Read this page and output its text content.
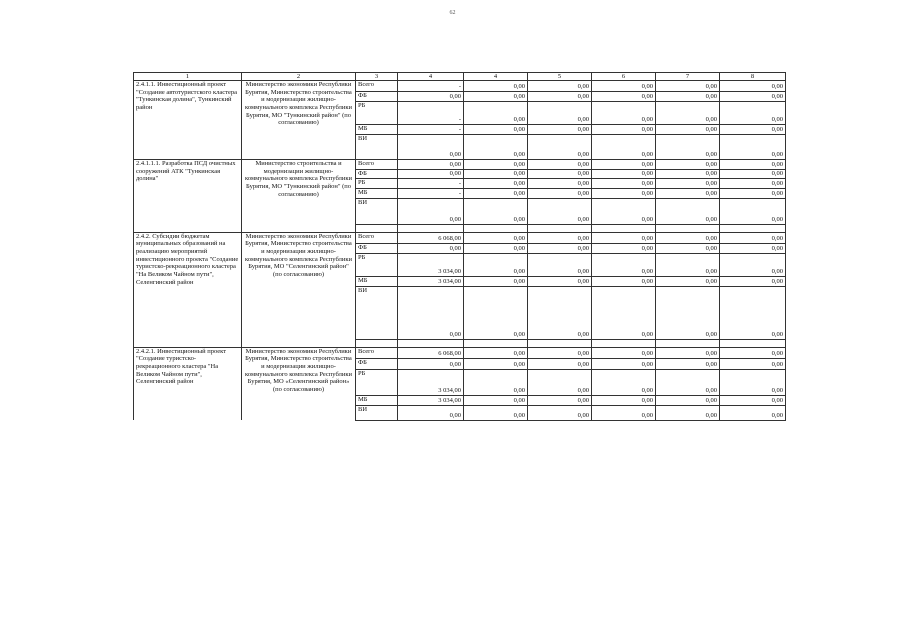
62
1	2	3	4	4	5	6	7	8
2.4.1.1. Инвестиционный проект "Создание автотуристского кластера "Тункинская долина", Тункинский район	Министерство экономики Республики Бурятия, Министерство строительства и модернизации жилищно-коммунального комплекса Республики Бурятия, МО "Тункинский район" (по согласованию)	Всего	-	0,00	0,00	0,00	0,00	0,00
		ФБ	0,00	0,00	0,00	0,00	0,00	0,00
		РБ	-	0,00	0,00	0,00	0,00	0,00
		МБ	-	0,00	0,00	0,00	0,00	0,00
		ВИ	0,00	0,00	0,00	0,00	0,00	0,00
2.4.1.1.1. Разработка ПСД очистных сооружений АТК "Тункинская долина"	Министерство строительства и модернизации жилищно-коммунального комплекса Республики Бурятия, МО "Тункинский район" (по согласованию)	Всего	0,00	0,00	0,00	0,00	0,00	0,00
		ФБ	0,00	0,00	0,00	0,00	0,00	0,00
		РБ	-	0,00	0,00	0,00	0,00	0,00
		МБ	-	0,00	0,00	0,00	0,00	0,00
		ВИ	0,00	0,00	0,00	0,00	0,00	0,00

2.4.2. Субсидии бюджетам муниципальных образований на реализацию мероприятий инвестиционного проекта "Создание туристско-рекреационного кластера "На Великом Чайном пути", Селенгинский район	Министерство экономики Республики Бурятия, Министерство строительства и модернизации жилищно-коммунального комплекса Республики Бурятия, МО "Селенгинский район" (по согласованию)	Всего	6 068,00	0,00	0,00	0,00	0,00	0,00
		ФБ	0,00	0,00	0,00	0,00	0,00	0,00
		РБ	3 034,00	0,00	0,00	0,00	0,00	0,00
		МБ	3 034,00	0,00	0,00	0,00	0,00	0,00
		ВИ	0,00	0,00	0,00	0,00	0,00	0,00

2.4.2.1. Инвестиционный проект "Создание туристско-рекреационного кластера "На Великом Чайном пути", Селенгинский район	Министерство экономики Республики Бурятия, Министерство строительства и модернизации жилищно-коммунального комплекса Республики Бурятия, МО «Селенгинский район» (по согласованию)	Всего	6 068,00	0,00	0,00	0,00	0,00	0,00
		ФБ	0,00	0,00	0,00	0,00	0,00	0,00
		РБ	3 034,00	0,00	0,00	0,00	0,00	0,00
		МБ	3 034,00	0,00	0,00	0,00	0,00	0,00
		ВИ	0,00	0,00	0,00	0,00	0,00	0,00
